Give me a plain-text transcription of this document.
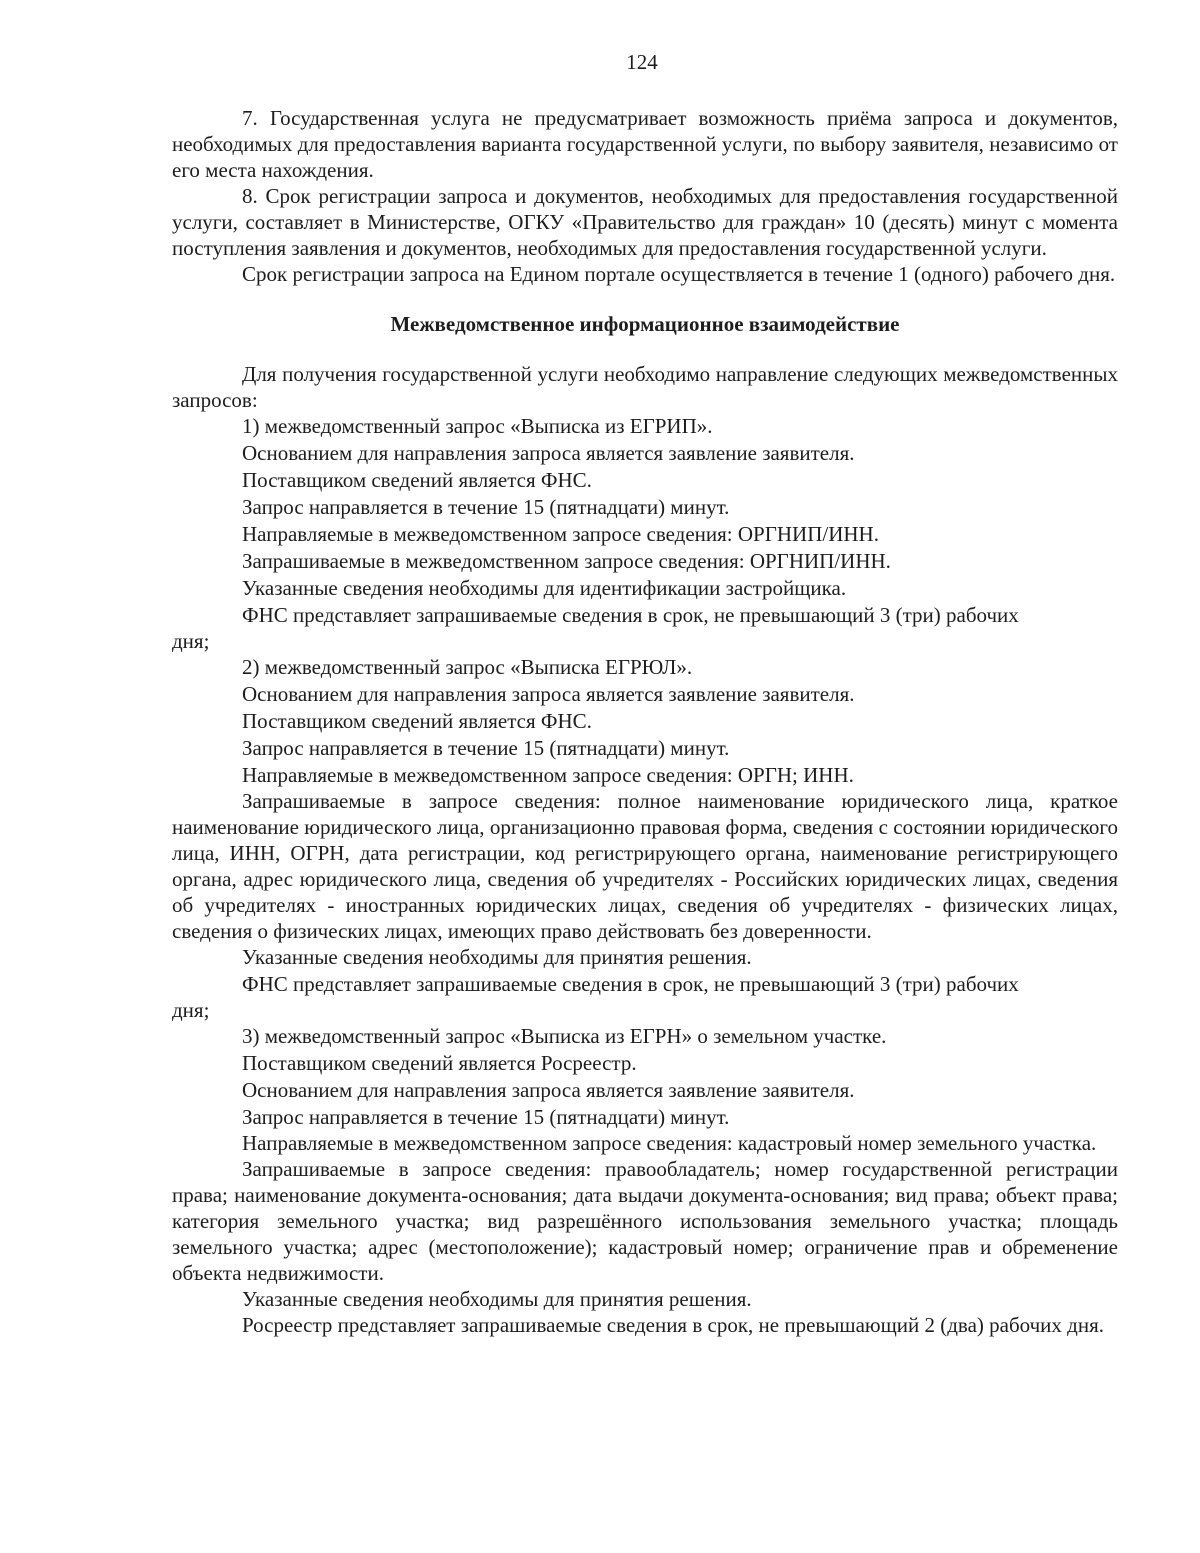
124

7. Государственная услуга не предусматривает возможность приёма запроса и документов, необходимых для предоставления варианта государственной услуги, по выбору заявителя, независимо от его места нахождения.

8. Срок регистрации запроса и документов, необходимых для предоставления государственной услуги, составляет в Министерстве, ОГКУ «Правительство для граждан» 10 (десять) минут с момента поступления заявления и документов, необходимых для предоставления государственной услуги.

Срок регистрации запроса на Едином портале осуществляется в течение 1 (одного) рабочего дня.

Межведомственное информационное взаимодействие

Для получения государственной услуги необходимо направление следующих межведомственных запросов:

1) межведомственный запрос «Выписка из ЕГРИП».
Основанием для направления запроса является заявление заявителя.
Поставщиком сведений является ФНС.
Запрос направляется в течение 15 (пятнадцати) минут.
Направляемые в межведомственном запросе сведения: ОРГНИП/ИНН.
Запрашиваемые в межведомственном запросе сведения: ОРГНИП/ИНН.
Указанные сведения необходимы для идентификации застройщика.
ФНС представляет запрашиваемые сведения в срок, не превышающий 3 (три) рабочих

дня;

2) межведомственный запрос «Выписка ЕГРЮЛ».
Основанием для направления запроса является заявление заявителя.
Поставщиком сведений является ФНС.
Запрос направляется в течение 15 (пятнадцати) минут.
Направляемые в межведомственном запросе сведения: ОРГН; ИНН.

Запрашиваемые в запросе сведения: полное наименование юридического лица, краткое наименование юридического лица, организационно правовая форма, сведения с состоянии юридического лица, ИНН, ОГРН, дата регистрации, код регистрирующего органа, наименование регистрирующего органа, адрес юридического лица, сведения об учредителях - Российских юридических лицах, сведения об учредителях - иностранных юридических лицах, сведения об учредителях - физических лицах, сведения о физических лицах, имеющих право действовать без доверенности.

Указанные сведения необходимы для принятия решения.
ФНС представляет запрашиваемые сведения в срок, не превышающий 3 (три) рабочих

дня;

3) межведомственный запрос «Выписка из ЕГРН» о земельном участке.
Поставщиком сведений является Росреестр.
Основанием для направления запроса является заявление заявителя.
Запрос направляется в течение 15 (пятнадцати) минут.

Направляемые в межведомственном запросе сведения: кадастровый номер земельного участка.

Запрашиваемые в запросе сведения: правообладатель; номер государственной регистрации права; наименование документа-основания; дата выдачи документа-основания; вид права; объект права; категория земельного участка; вид разрешённого использования земельного участка; площадь земельного участка; адрес (местоположение); кадастровый номер; ограничение прав и обременение объекта недвижимости.

Указанные сведения необходимы для принятия решения.

Росреестр представляет запрашиваемые сведения в срок, не превышающий 2 (два) рабочих дня.
